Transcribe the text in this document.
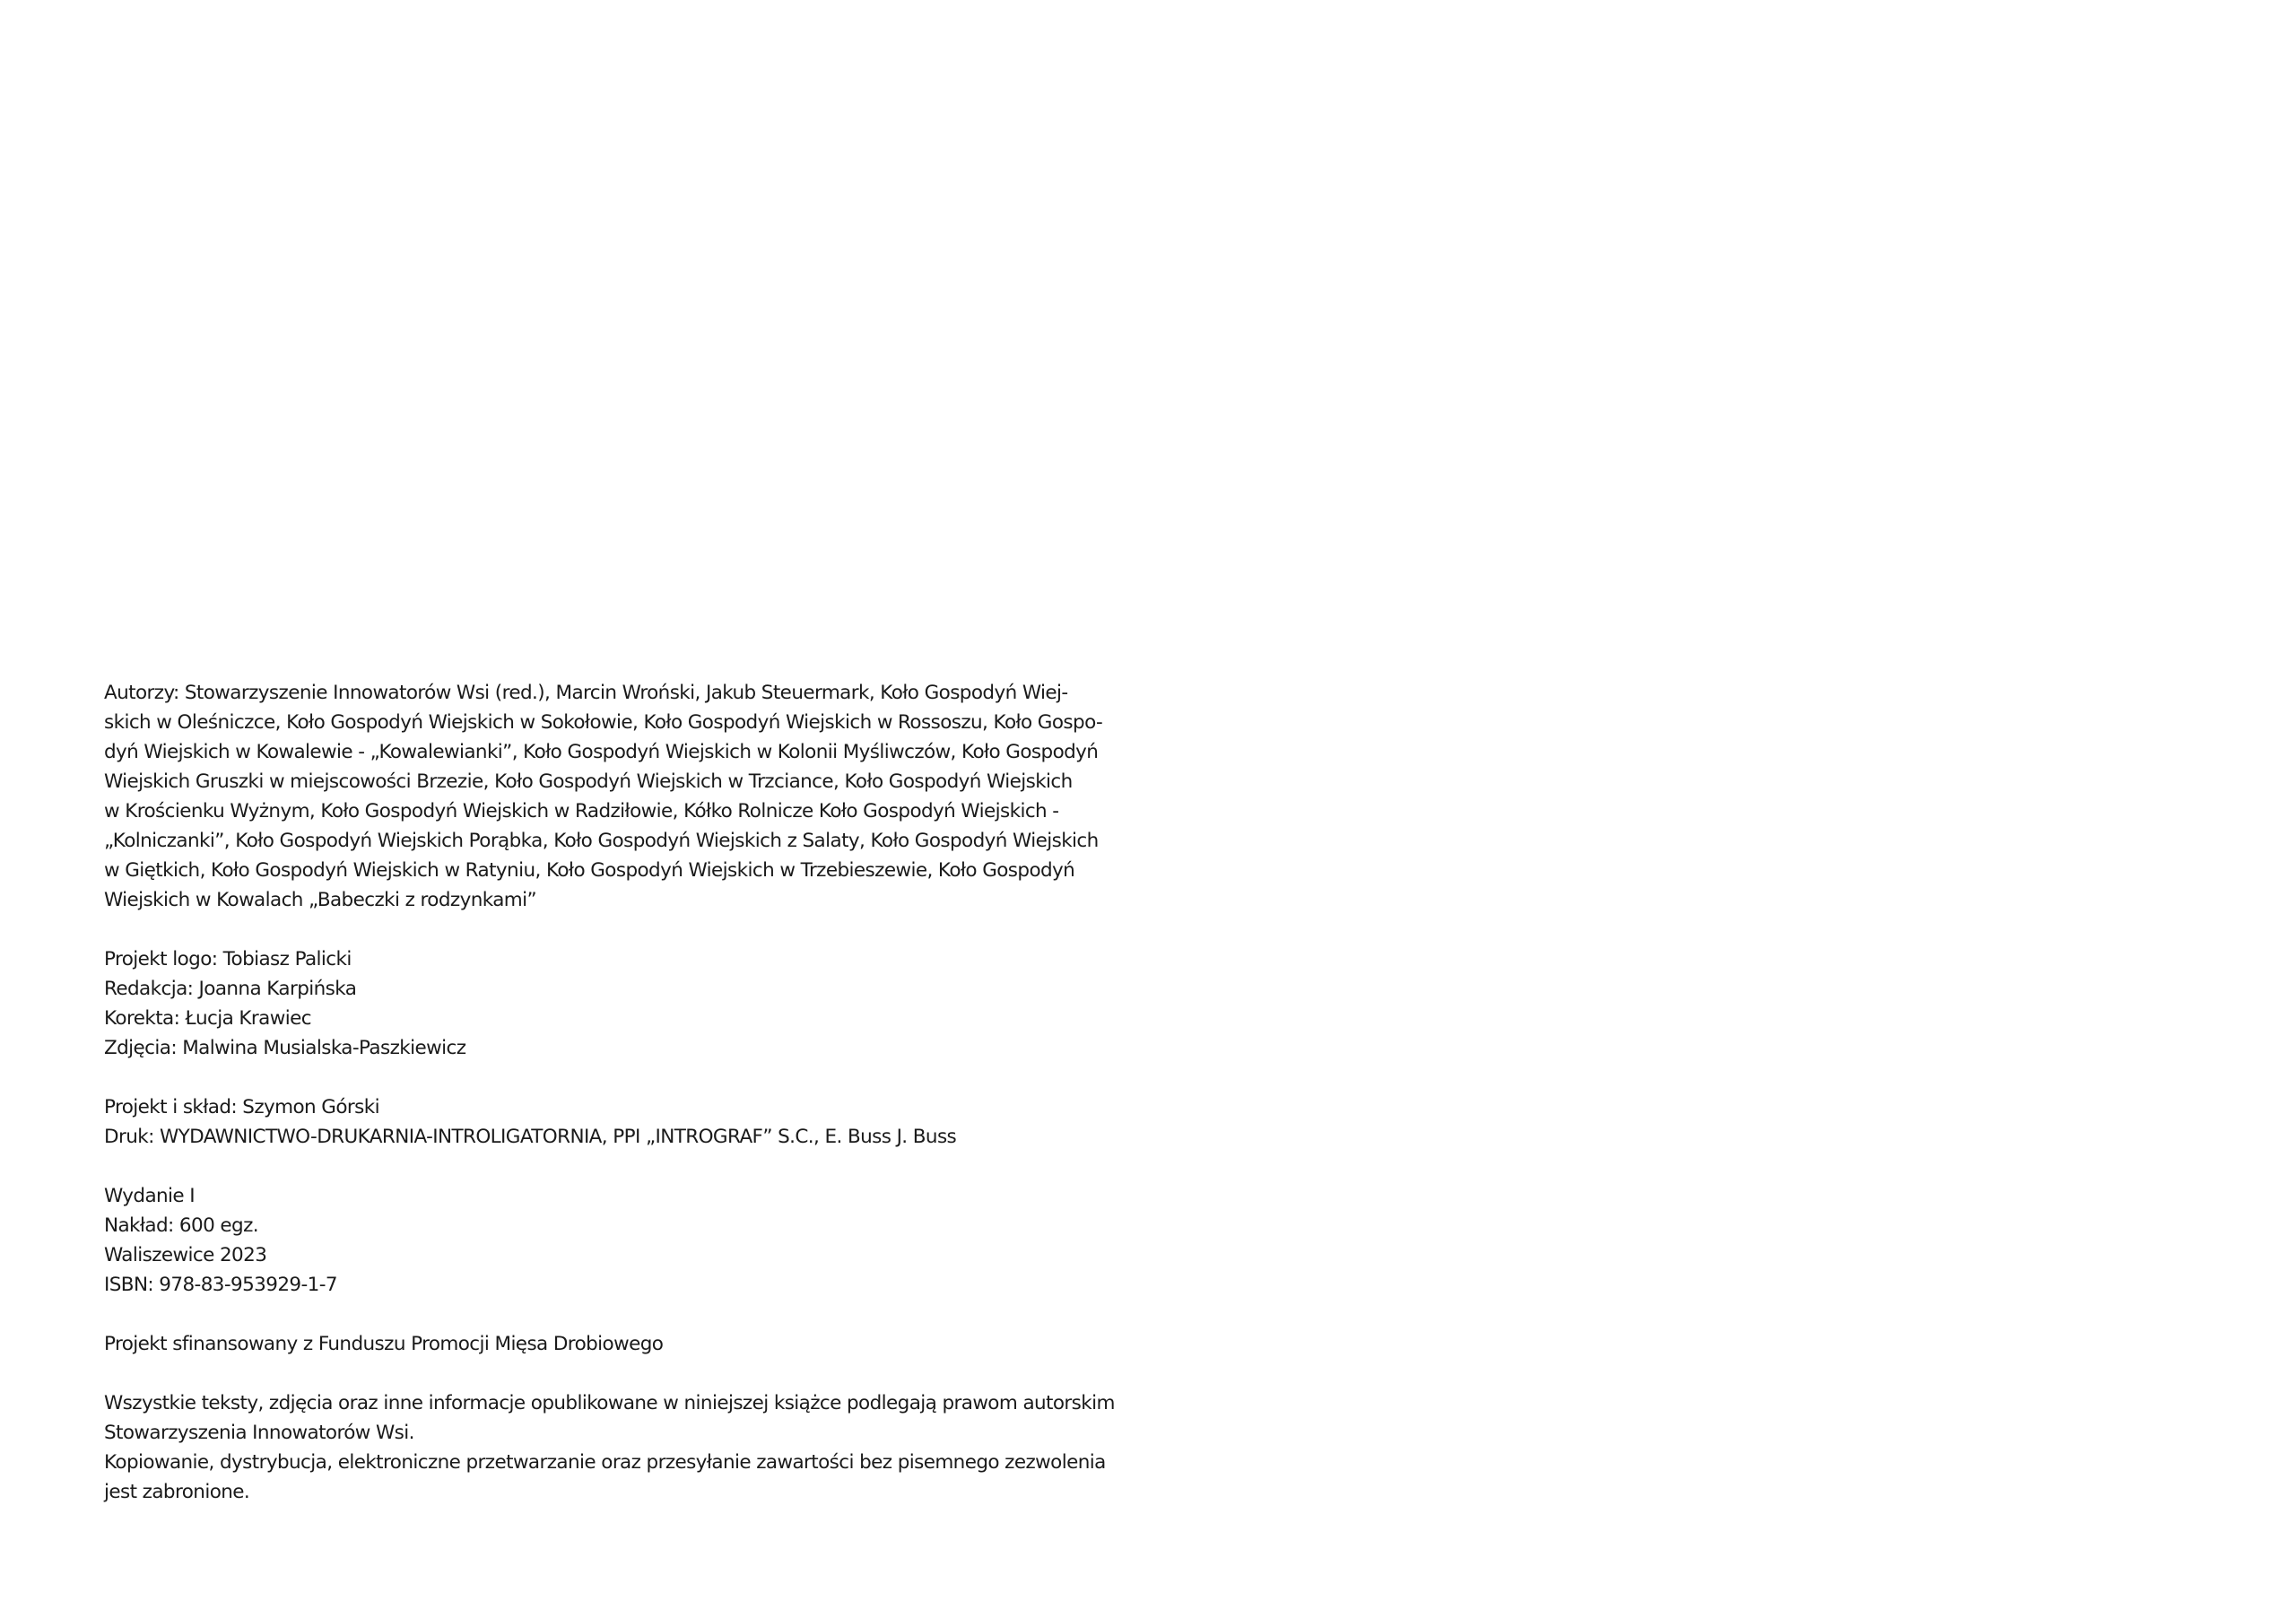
Autorzy: Stowarzyszenie Innowatorów Wsi (red.), Marcin Wroński, Jakub Steuermark, Koło Gospodyń Wiej-
skich w Oleśniczce, Koło Gospodyń Wiejskich w Sokołowie, Koło Gospodyń Wiejskich w Rossoszu, Koło Gospo-
dyń Wiejskich w Kowalewie - „Kowalewianki”, Koło Gospodyń Wiejskich w Kolonii Myśliwczów, Koło Gospodyń
Wiejskich Gruszki w miejscowości Brzezie, Koło Gospodyń Wiejskich w Trzciance, Koło Gospodyń Wiejskich
w Krościenku Wyżnym, Koło Gospodyń Wiejskich w Radziłowie, Kółko Rolnicze Koło Gospodyń Wiejskich -
„Kolniczanki”, Koło Gospodyń Wiejskich Porąbka, Koło Gospodyń Wiejskich z Salaty, Koło Gospodyń Wiejskich
w Giętkich, Koło Gospodyń Wiejskich w Ratyniu, Koło Gospodyń Wiejskich w Trzebieszewie, Koło Gospodyń
Wiejskich w Kowalach „Babeczki z rodzynkami”
Projekt logo: Tobiasz Palicki
Redakcja: Joanna Karpińska
Korekta: Łucja Krawiec
Zdjęcia: Malwina Musialska-Paszkiewicz
Projekt i skład: Szymon Górski
Druk: WYDAWNICTWO-DRUKARNIA-INTROLIGATORNIA, PPI „INTROGRAF” S.C., E. Buss J. Buss
Wydanie I
Nakład: 600 egz.
Waliszewice 2023
ISBN: 978-83-953929-1-7
Projekt sfinansowany z Funduszu Promocji Mięsa Drobiowego
Wszystkie teksty, zdjęcia oraz inne informacje opublikowane w niniejszej książce podlegają prawom autorskim
Stowarzyszenia Innowatorów Wsi.
Kopiowanie, dystrybucja, elektroniczne przetwarzanie oraz przesyłanie zawartości bez pisemnego zezwolenia
jest zabronione.
